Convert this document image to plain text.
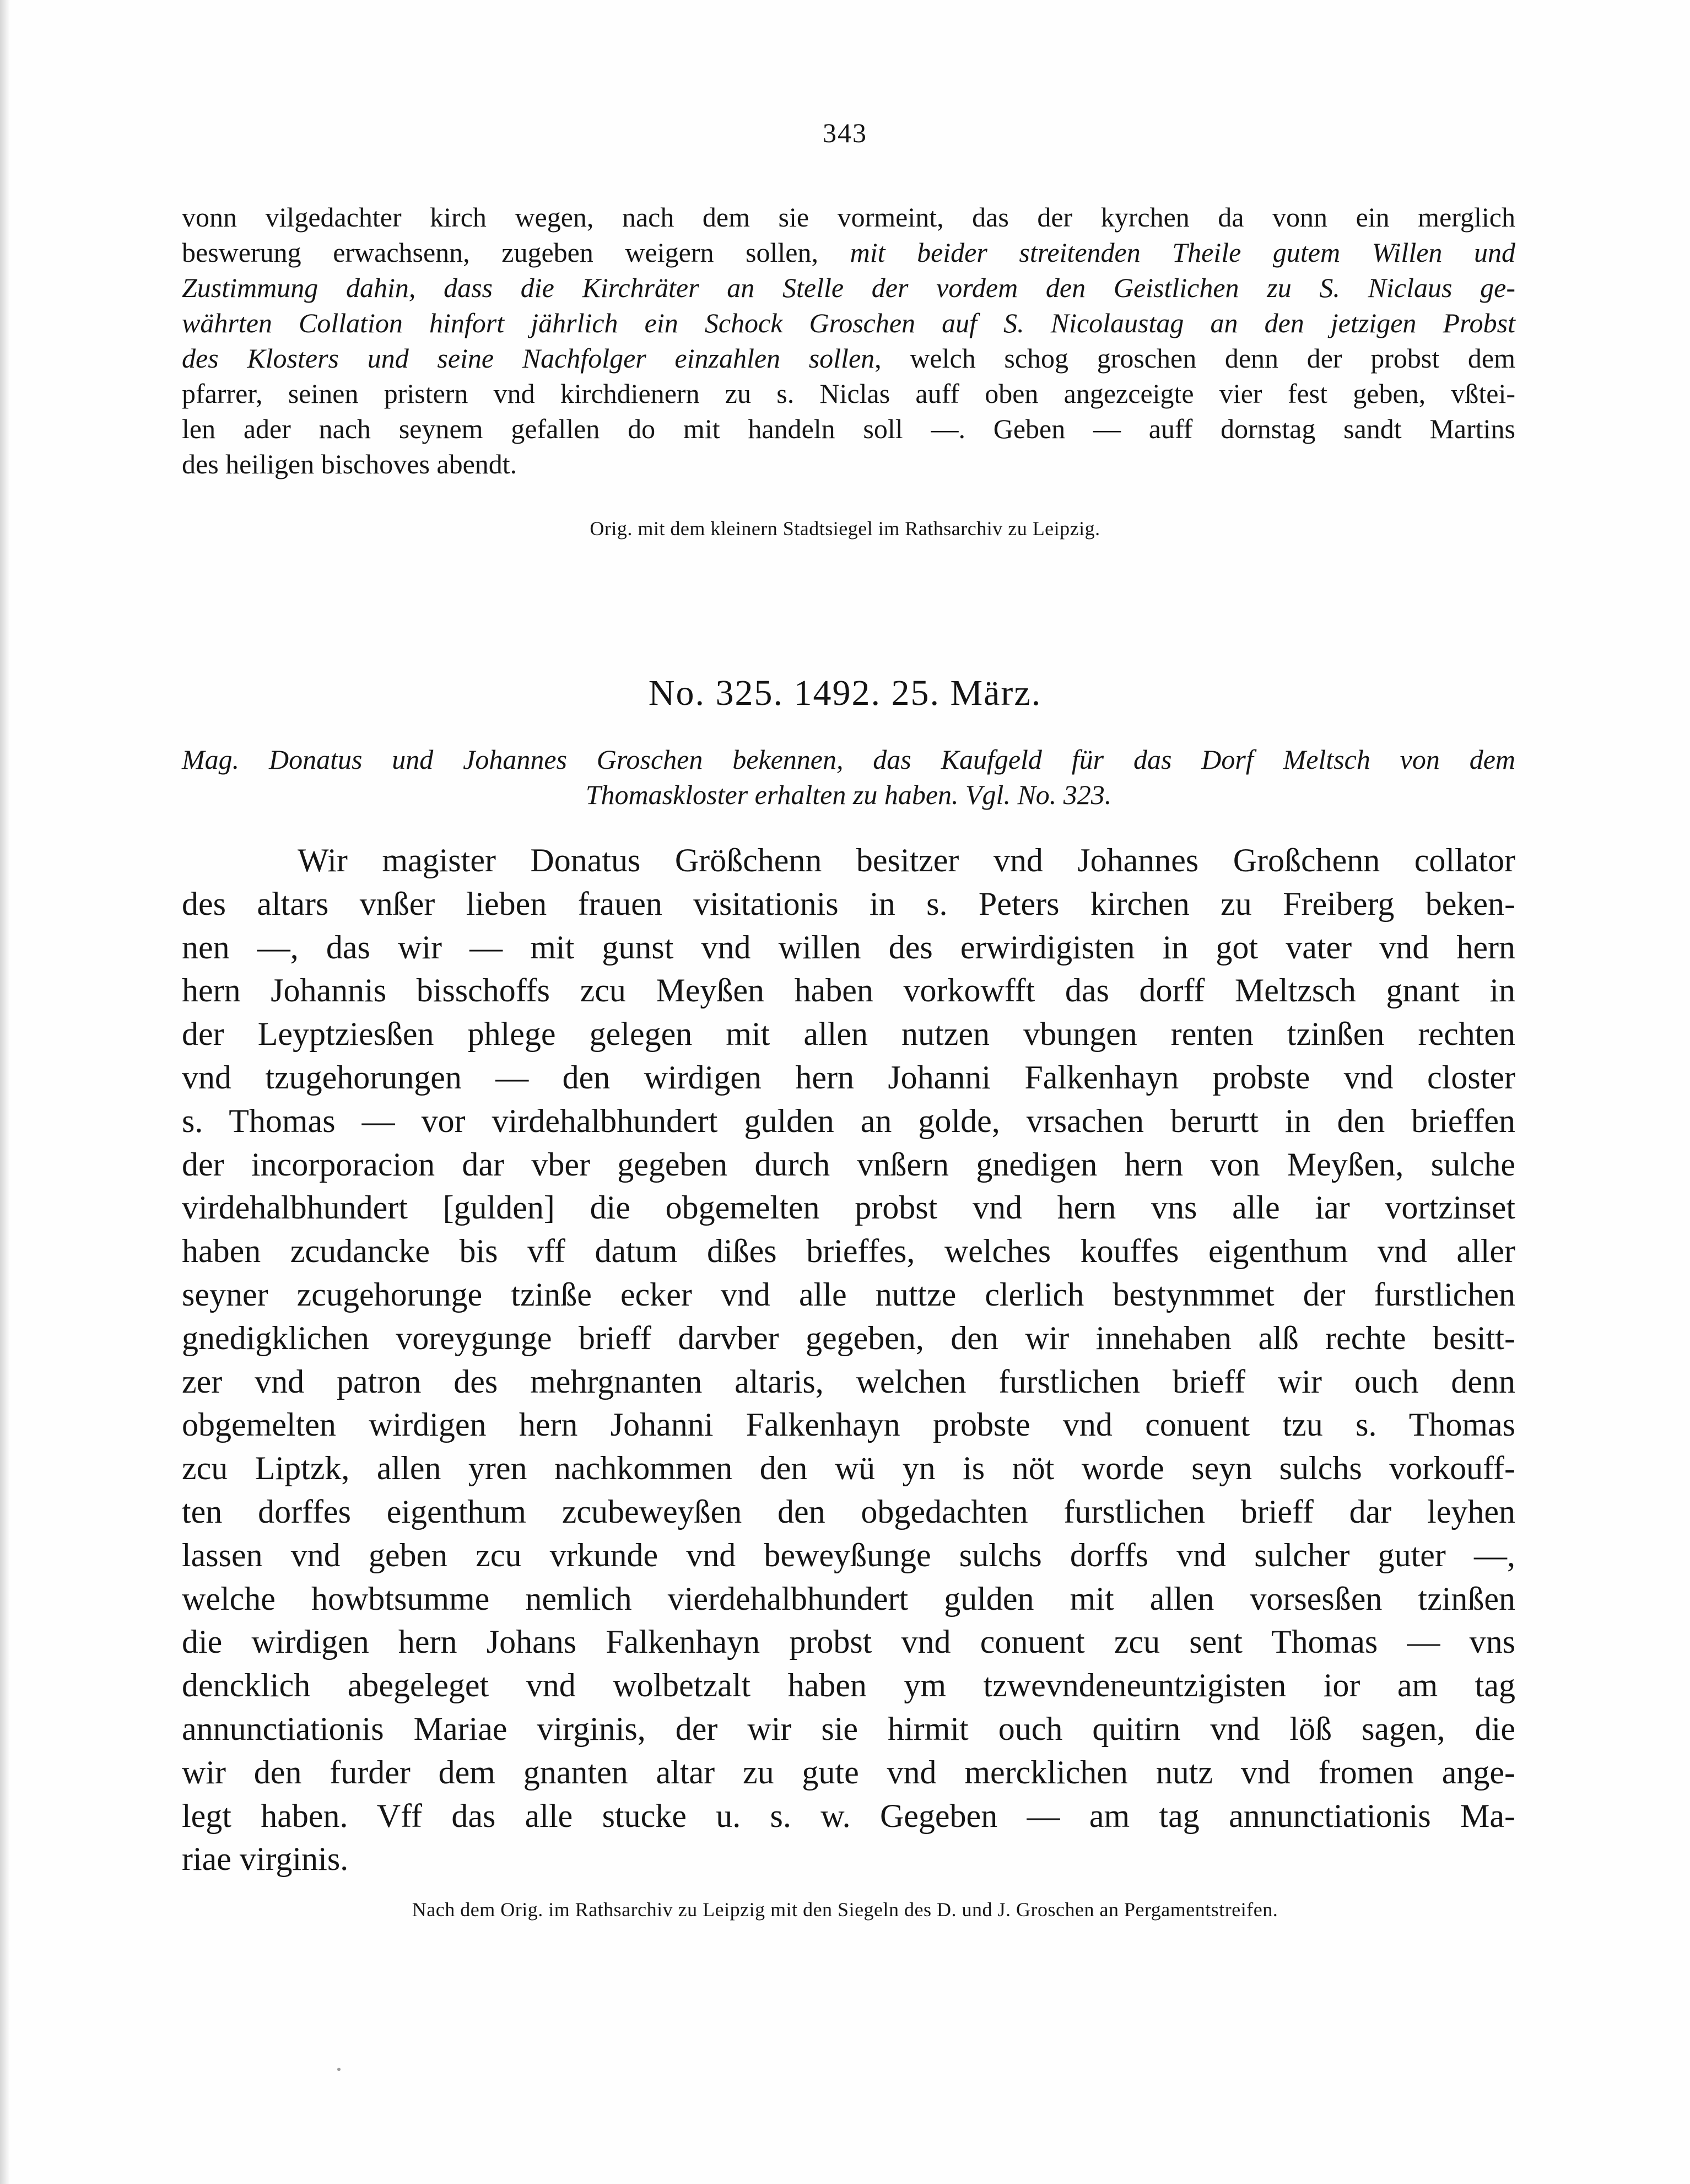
343
vonn vilgedachter kirch wegen, nach dem sie vormeint, das der kyrchen da vonn ein merglich
beswerung erwachsenn, zugeben weigern sollen, mit beider streitenden Theile gutem Willen und
Zustimmung dahin, dass die Kirchräter an Stelle der vordem den Geistlichen zu S. Niclaus ge-
währten Collation hinfort jährlich ein Schock Groschen auf S. Nicolaustag an den jetzigen Probst
des Klosters und seine Nachfolger einzahlen sollen, welch schog groschen denn der probst dem
pfarrer, seinen pristern vnd kirchdienern zu s. Niclas auff oben angezceigte vier fest geben, vßtei-
len ader nach seynem gefallen do mit handeln soll —. Geben — auff dornstag sandt Martins
des heiligen bischoves abendt.
Orig. mit dem kleinern Stadtsiegel im Rathsarchiv zu Leipzig.
No. 325. 1492. 25. März.
Mag. Donatus und Johannes Groschen bekennen, das Kaufgeld für das Dorf Meltsch von dem
Thomaskloster erhalten zu haben. Vgl. No. 323.
Wir magister Donatus Größchenn besitzer vnd Johannes Großchenn collator
des altars vnßer lieben frauen visitationis in s. Peters kirchen zu Freiberg beken-
nen —, das wir — mit gunst vnd willen des erwirdigisten in got vater vnd hern
hern Johannis bisschoffs zcu Meyßen haben vorkowfft das dorff Meltzsch gnant in
der Leyptziesßen phlege gelegen mit allen nutzen vbungen renten tzinßen rechten
vnd tzugehorungen — den wirdigen hern Johanni Falkenhayn probste vnd closter
s. Thomas — vor virdehalbhundert gulden an golde, vrsachen berurtt in den brieffen
der incorporacion dar vber gegeben durch vnßern gnedigen hern von Meyßen, sulche
virdehalbhundert [gulden] die obgemelten probst vnd hern vns alle iar vortzinset
haben zcudancke bis vff datum dißes brieffes, welches kouffes eigenthum vnd aller
seyner zcugehorunge tzinße ecker vnd alle nuttze clerlich bestynmmet der furstlichen
gnedigklichen voreygunge brieff darvber gegeben, den wir innehaben alß rechte besitt-
zer vnd patron des mehrgnanten altaris, welchen furstlichen brieff wir ouch denn
obgemelten wirdigen hern Johanni Falkenhayn probste vnd conuent tzu s. Thomas
zcu Liptzk, allen yren nachkommen den wü yn is nöt worde seyn sulchs vorkouff-
ten dorffes eigenthum zcubeweyßen den obgedachten furstlichen brieff dar leyhen
lassen vnd geben zcu vrkunde vnd beweyßunge sulchs dorffs vnd sulcher guter —,
welche howbtsumme nemlich vierdehalbhundert gulden mit allen vorsesßen tzinßen
die wirdigen hern Johans Falkenhayn probst vnd conuent zcu sent Thomas — vns
dencklich abegeleget vnd wolbetzalt haben ym tzwevndeneuntzigisten ior am tag
annunctiationis Mariae virginis, der wir sie hirmit ouch quitirn vnd löß sagen, die
wir den furder dem gnanten altar zu gute vnd mercklichen nutz vnd fromen ange-
legt haben. Vff das alle stucke u. s. w. Gegeben — am tag annunctiationis Ma-
riae virginis.
Nach dem Orig. im Rathsarchiv zu Leipzig mit den Siegeln des D. und J. Groschen an Pergamentstreifen.
